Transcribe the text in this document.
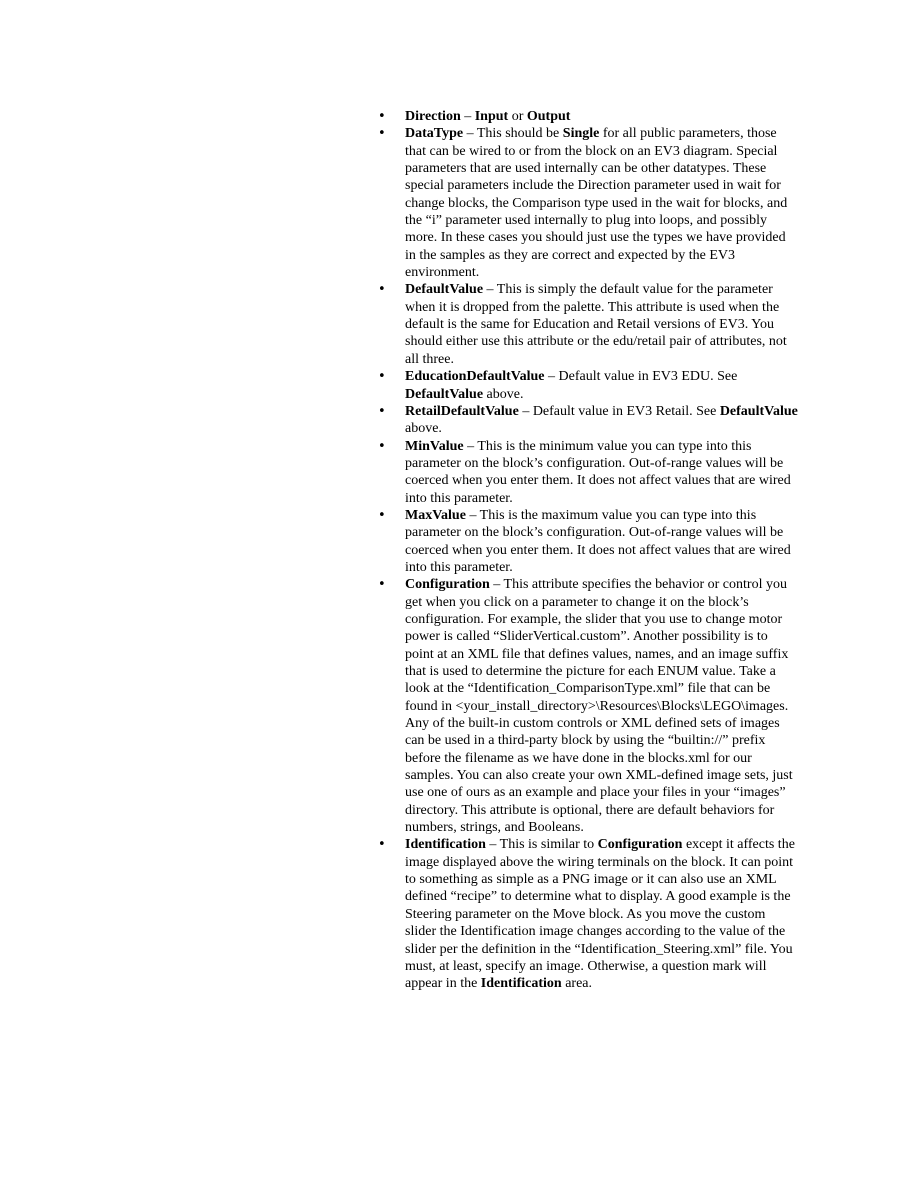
•	Direction – Input or Output
•	DataType – This should be Single for all public parameters, those that can be wired to or from the block on an EV3 diagram. Special parameters that are used internally can be other datatypes. These special parameters include the Direction parameter used in wait for change blocks, the Comparison type used in the wait for blocks, and the “i” parameter used internally to plug into loops, and possibly more. In these cases you should just use the types we have provided in the samples as they are correct and expected by the EV3 environment.
•	DefaultValue – This is simply the default value for the parameter when it is dropped from the palette. This attribute is used when the default is the same for Education and Retail versions of EV3. You should either use this attribute or the edu/retail pair of attributes, not all three.
•	EducationDefaultValue – Default value in EV3 EDU. See DefaultValue above.
•	RetailDefaultValue – Default value in EV3 Retail. See DefaultValue above.
•	MinValue – This is the minimum value you can type into this parameter on the block’s configuration. Out-of-range values will be coerced when you enter them. It does not affect values that are wired into this parameter.
•	MaxValue – This is the maximum value you can type into this parameter on the block’s configuration. Out-of-range values will be coerced when you enter them. It does not affect values that are wired into this parameter.
•	Configuration – This attribute specifies the behavior or control you get when you click on a parameter to change it on the block’s configuration. For example, the slider that you use to change motor power is called “SliderVertical.custom”. Another possibility is to point at an XML file that defines values, names, and an image suffix that is used to determine the picture for each ENUM value. Take a look at the “Identification_ComparisonType.xml” file that can be found in <your_install_directory>\Resources\Blocks\LEGO\images. Any of the built-in custom controls or XML defined sets of images can be used in a third-party block by using the “builtin://” prefix before the filename as we have done in the blocks.xml for our samples. You can also create your own XML-defined image sets, just use one of ours as an example and place your files in your “images” directory. This attribute is optional, there are default behaviors for numbers, strings, and Booleans.
•	Identification – This is similar to Configuration except it affects the image displayed above the wiring terminals on the block. It can point to something as simple as a PNG image or it can also use an XML defined “recipe” to determine what to display. A good example is the Steering parameter on the Move block. As you move the custom slider the Identification image changes according to the value of the slider per the definition in the “Identification_Steering.xml” file. You must, at least, specify an image. Otherwise, a question mark will appear in the Identification area.
